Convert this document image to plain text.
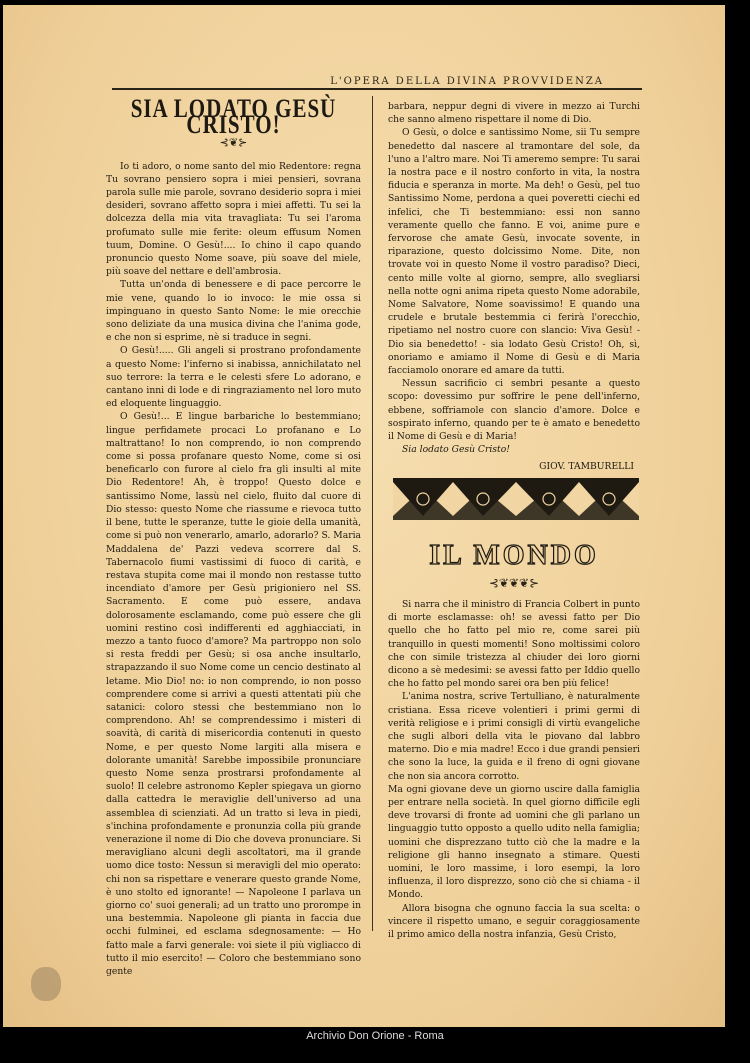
L'OPERA DELLA DIVINA PROVVIDENZA
SIA LODATO GESÙ CRISTO!
⊰❦⊱

Io ti adoro, o nome santo del mio Redentore: regna Tu sovrano pensiero sopra i miei pensieri, sovrana parola sulle mie parole, sovrano desiderio sopra i miei desideri, sovrano affetto sopra i miei affetti. Tu sei la dolcezza della mia vita travagliata: Tu sei l'aroma profumato sulle mie ferite: oleum effusum Nomen tuum, Domine. O Gesù!.... Io chino il capo quando pronuncio questo Nome soave, più soave del miele, più soave del nettare e dell'ambrosia.

Tutta un'onda di benessere e di pace percorre le mie vene, quando lo io invoco: le mie ossa si impinguano in questo Santo Nome: le mie orecchie sono deliziate da una musica divina che l'anima gode, e che non si esprime, nè si traduce in segni.

O Gesù!..... Gli angeli si prostrano profondamente a questo Nome: l'inferno si inabissa, annichilatato nel suo terrore: la terra e le celesti sfere Lo adorano, e cantano inni di lode e di ringraziamento nel loro muto ed eloquente linguaggio.

O Gesù!... E lingue barbariche lo bestemmiano; lingue perfidamete procaci Lo profanano e Lo maltrattano! Io non comprendo, io non comprendo come si possa profanare questo Nome, come si osi beneficarlo con furore al cielo fra gli insulti al mite Dio Redentore! Ah, è troppo! Questo dolce e santissimo Nome, lassù nel cielo, fluito dal cuore di Dio stesso: questo Nome che riassume e rievoca tutto il bene, tutte le speranze, tutte le gioie della umanità, come si può non venerarlo, amarlo, adorarlo? S. Maria Maddalena de' Pazzi vedeva scorrere dal S. Tabernacolo fiumi vastissimi di fuoco di carità, e restava stupita come mai il mondo non restasse tutto incendiato d'amore per Gesù prigioniero nel SS. Sacramento. E come può essere, andava dolorosamente esclamando, come può essere che gli uomini restino così indifferenti ed agghiacciati, in mezzo a tanto fuoco d'amore? Ma partroppo non solo si resta freddi per Gesù; si osa anche insultarlo, strapazzando il suo Nome come un cencio destinato al letame. Mio Dio! no: io non comprendo, io non posso comprendere come si arrivi a questi attentati più che satanici: coloro stessi che bestemmiano non lo comprendono. Ah! se comprendessimo i misteri di soavità, di carità di misericordia contenuti in questo Nome, e per questo Nome largiti alla misera e dolorante umanità! Sarebbe impossibile pronunciare questo Nome senza prostrarsi profondamente al suolo! Il celebre astronomo Kepler spiegava un giorno dalla cattedra le meraviglie dell'universo ad una assemblea di scienziati. Ad un tratto si leva in piedi, s'inchina profondamente e pronunzia colla più grande venerazione il nome di Dio che doveva pronunciare. Si meravigliano alcuni degli ascoltatori, ma il grande uomo dice tosto: Nessun si meravigli del mio operato: chi non sa rispettare e venerare questo grande Nome, è uno stolto ed ignorante! — Napoleone I parlava un giorno co' suoi generali; ad un tratto uno prorompe in una bestemmia. Napoleone gli pianta in faccia due occhi fulminei, ed esclama sdegnosamente: — Ho fatto male a farvi generale: voi siete il più vigliacco di tutto il mio esercito! — Coloro che bestemmiano sono gente

barbara, neppur degni di vivere in mezzo ai Turchi che sanno almeno rispettare il nome di Dio.

O Gesù, o dolce e santissimo Nome, sii Tu sempre benedetto dal nascere al tramontare del sole, da l'uno a l'altro mare. Noi Ti ameremo sempre: Tu sarai la nostra pace e il nostro conforto in vita, la nostra fiducia e speranza in morte. Ma deh! o Gesù, pel tuo Santissimo Nome, perdona a quei poveretti ciechi ed infelici, che Ti bestemmiano: essi non sanno veramente quello che fanno. E voi, anime pure e fervorose che amate Gesù, invocate sovente, in riparazione, questo dolcissimo Nome. Dite, non trovate voi in questo Nome il vostro paradiso? Dieci, cento mille volte al giorno, sempre, allo svegliarsi nella notte ogni anima ripeta questo Nome adorabile, Nome Salvatore, Nome soavissimo! E quando una crudele e brutale bestemmia ci ferirà l'orecchio, ripetiamo nel nostro cuore con slancio: Viva Gesù! - Dio sia benedetto! - sia lodato Gesù Cristo! Oh, sì, onoriamo e amiamo il Nome di Gesù e di Maria facciamolo onorare ed amare da tutti.

Nessun sacrificio ci sembri pesante a questo scopo: dovessimo pur soffrire le pene dell'inferno, ebbene, soffriamole con slancio d'amore. Dolce e sospirato inferno, quando per te è amato e benedetto il Nome di Gesù e di Maria!

Sia lodato Gesù Cristo!

GIOV. TAMBURELLI
IL MONDO
⊰❦❦❦⊱

Si narra che il ministro di Francia Colbert in punto di morte esclamasse: oh! se avessi fatto per Dio quello che ho fatto pel mio re, come sarei più tranquillo in questi momenti! Sono moltissimi coloro che con simile tristezza al chiuder dei loro giorni dicono a sè medesimi: se avessi fatto per Iddio quello che ho fatto pel mondo sarei ora ben più felice!

L'anima nostra, scrive Tertulliano, è naturalmente cristiana. Essa riceve volentieri i primi germi di verità religiose e i primi consigli di virtù evangeliche che sugli albori della vita le piovano dal labbro materno. Dio e mia madre! Ecco i due grandi pensieri che sono la luce, la guida e il freno di ogni giovane che non sia ancora corrotto.

Ma ogni giovane deve un giorno uscire dalla famiglia per entrare nella società. In quel giorno difficile egli deve trovarsi di fronte ad uomini che gli parlano un linguaggio tutto opposto a quello udito nella famiglia; uomini che disprezzano tutto ciò che la madre e la religione gli hanno insegnato a stimare. Questi uomini, le loro massime, i loro esempi, la loro influenza, il loro disprezzo, sono ciò che si chiama - il Mondo.

Allora bisogna che ognuno faccia la sua scelta: o vincere il rispetto umano, e seguir coraggiosamente il primo amico della nostra infanzia, Gesù Cristo,

Archivio Don Orione - Roma
